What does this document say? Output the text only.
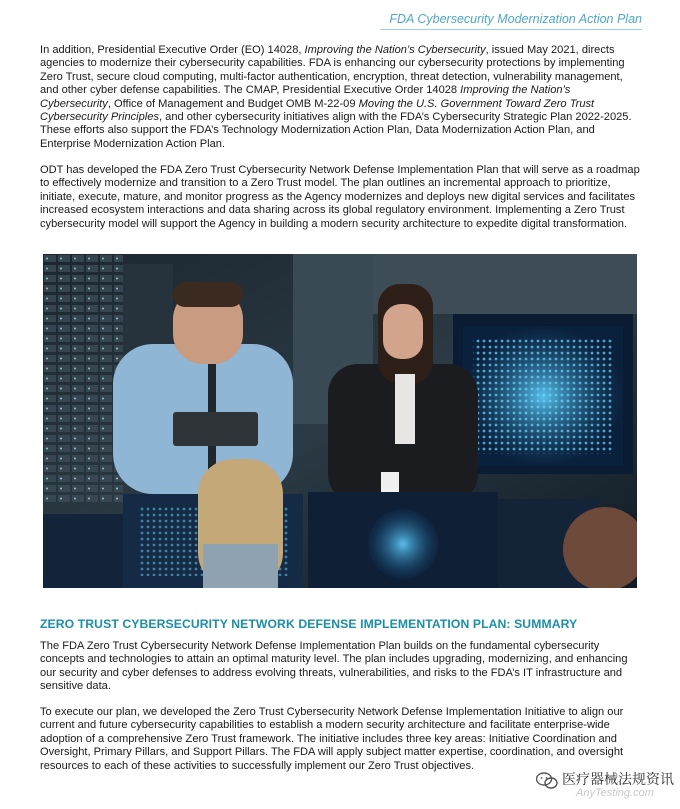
FDA Cybersecurity Modernization Action Plan

In addition, Presidential Executive Order (EO) 14028, Improving the Nation’s Cybersecurity, issued May 2021, directs agencies to modernize their cybersecurity capabilities. FDA is enhancing our cybersecurity protections by implementing Zero Trust, secure cloud computing, multi-factor authentication, encryption, threat detection, vulnerability management, and other cyber defense capabilities. The CMAP, Presidential Executive Order 14028 Improving the Nation’s Cybersecurity, Office of Management and Budget OMB M-22-09 Moving the U.S. Government Toward Zero Trust Cybersecurity Principles, and other cybersecurity initiatives align with the FDA’s Cybersecurity Strategic Plan 2022-2025. These efforts also support the FDA’s Technology Modernization Action Plan, Data Modernization Action Plan, and Enterprise Modernization Action Plan.

ODT has developed the FDA Zero Trust Cybersecurity Network Defense Implementation Plan that will serve as a roadmap to effectively modernize and transition to a Zero Trust model. The plan outlines an incremental approach to prioritize, initiate, execute, mature, and monitor progress as the Agency modernizes and deploys new digital services and facilitates increased ecosystem interactions and data sharing across its global regulatory environment. Implementing a Zero Trust cybersecurity model will support the Agency in building a modern security architecture to expedite digital transformation.

ZERO TRUST CYBERSECURITY NETWORK DEFENSE IMPLEMENTATION PLAN: SUMMARY

The FDA Zero Trust Cybersecurity Network Defense Implementation Plan builds on the fundamental cybersecurity concepts and technologies to attain an optimal maturity level. The plan includes upgrading, modernizing, and enhancing our security and cyber defenses to address evolving threats, vulnerabilities, and risks to the FDA’s IT infrastructure and sensitive data.

To execute our plan, we developed the Zero Trust Cybersecurity Network Defense Implementation Initiative to align our current and future cybersecurity capabilities to establish a modern security architecture and facilitate enterprise-wide adoption of a comprehensive Zero Trust framework. The initiative includes three key areas: Initiative Coordination and Oversight, Primary Pillars, and Support Pillars. The FDA will apply subject matter expertise, coordination, and oversight resources to each of these activities to successfully implement our Zero Trust objectives.

医疗器械法规资讯
AnyTesting.com
